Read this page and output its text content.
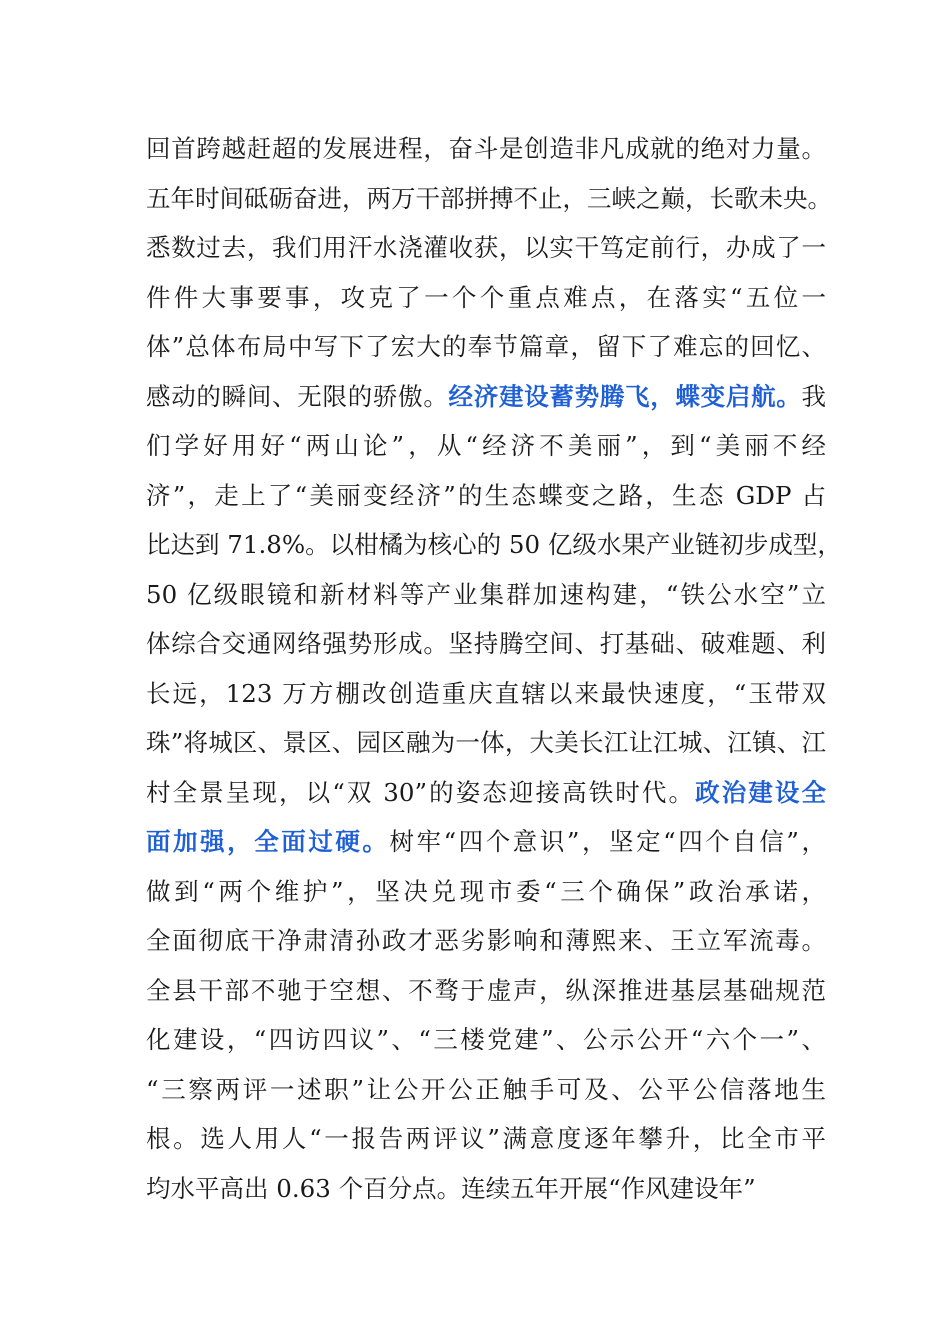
回首跨越赶超的发展进程，奋斗是创造非凡成就的绝对力量。
五年时间砥砺奋进，两万干部拼搏不止，三峡之巅，长歌未央。
悉数过去，我们用汗水浇灌收获，以实干笃定前行，办成了一
件件大事要事，攻克了一个个重点难点，在落实“五位一
体”总体布局中写下了宏大的奉节篇章，留下了难忘的回忆、
感动的瞬间、无限的骄傲。经济建设蓄势腾飞，蝶变启航。我
们学好用好“两山论”，从“经济不美丽”，到“美丽不经
济”，走上了“美丽变经济”的生态蝶变之路，生态 GDP 占
比达到 71.8%。以柑橘为核心的 50 亿级水果产业链初步成型，
50 亿级眼镜和新材料等产业集群加速构建，“铁公水空”立
体综合交通网络强势形成。坚持腾空间、打基础、破难题、利
长远，123 万方棚改创造重庆直辖以来最快速度，“玉带双
珠”将城区、景区、园区融为一体，大美长江让江城、江镇、江
村全景呈现，以“双 30”的姿态迎接高铁时代。政治建设全
面加强，全面过硬。树牢“四个意识”，坚定“四个自信”，
做到“两个维护”，坚决兑现市委“三个确保”政治承诺，
全面彻底干净肃清孙政才恶劣影响和薄熙来、王立军流毒。
全县干部不驰于空想、不骛于虚声，纵深推进基层基础规范
化建设，“四访四议”、“三楼党建”、公示公开“六个一”、
“三察两评一述职”让公开公正触手可及、公平公信落地生
根。选人用人“一报告两评议”满意度逐年攀升，比全市平
均水平高出 0.63 个百分点。连续五年开展“作风建设年”
